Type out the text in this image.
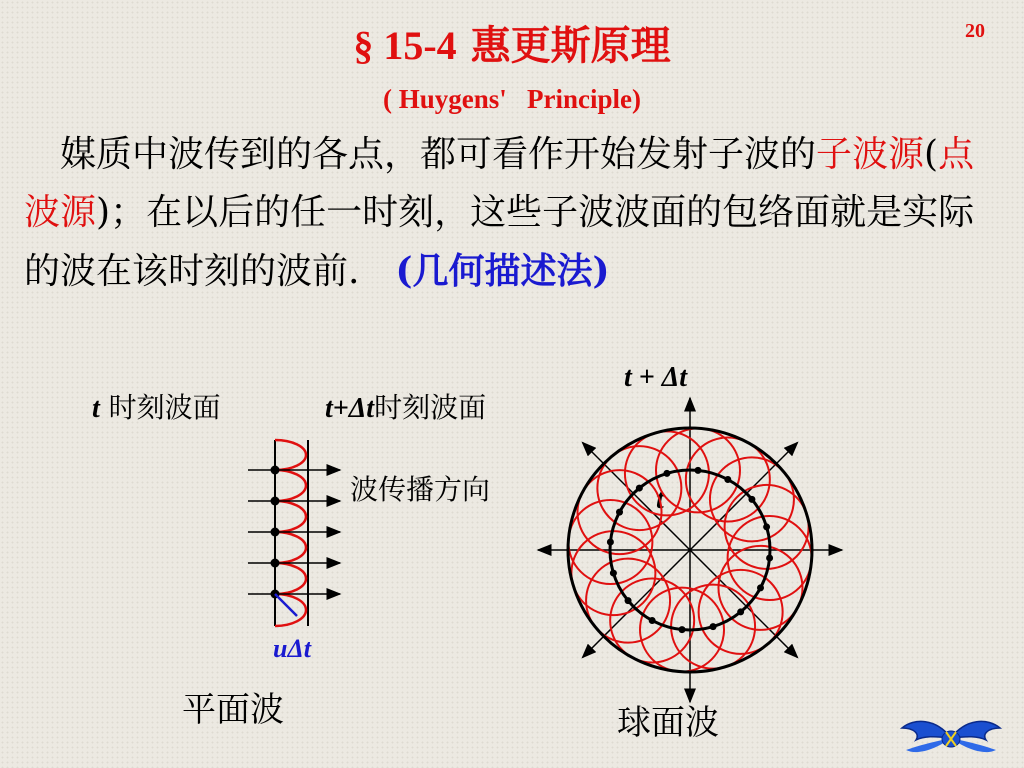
20
§ 15-4 惠更斯原理
( Huygens'   Principle)
　媒质中波传到的各点，都可看作开始发射子波的子波源(点波源)；在以后的任一时刻，这些子波波面的包络面就是实际的波在该时刻的波前.　 (几何描述法)
t 时刻波面	t+Δt时刻波面
波传播方向
uΔt
平面波	球面波
t + Δt
t
